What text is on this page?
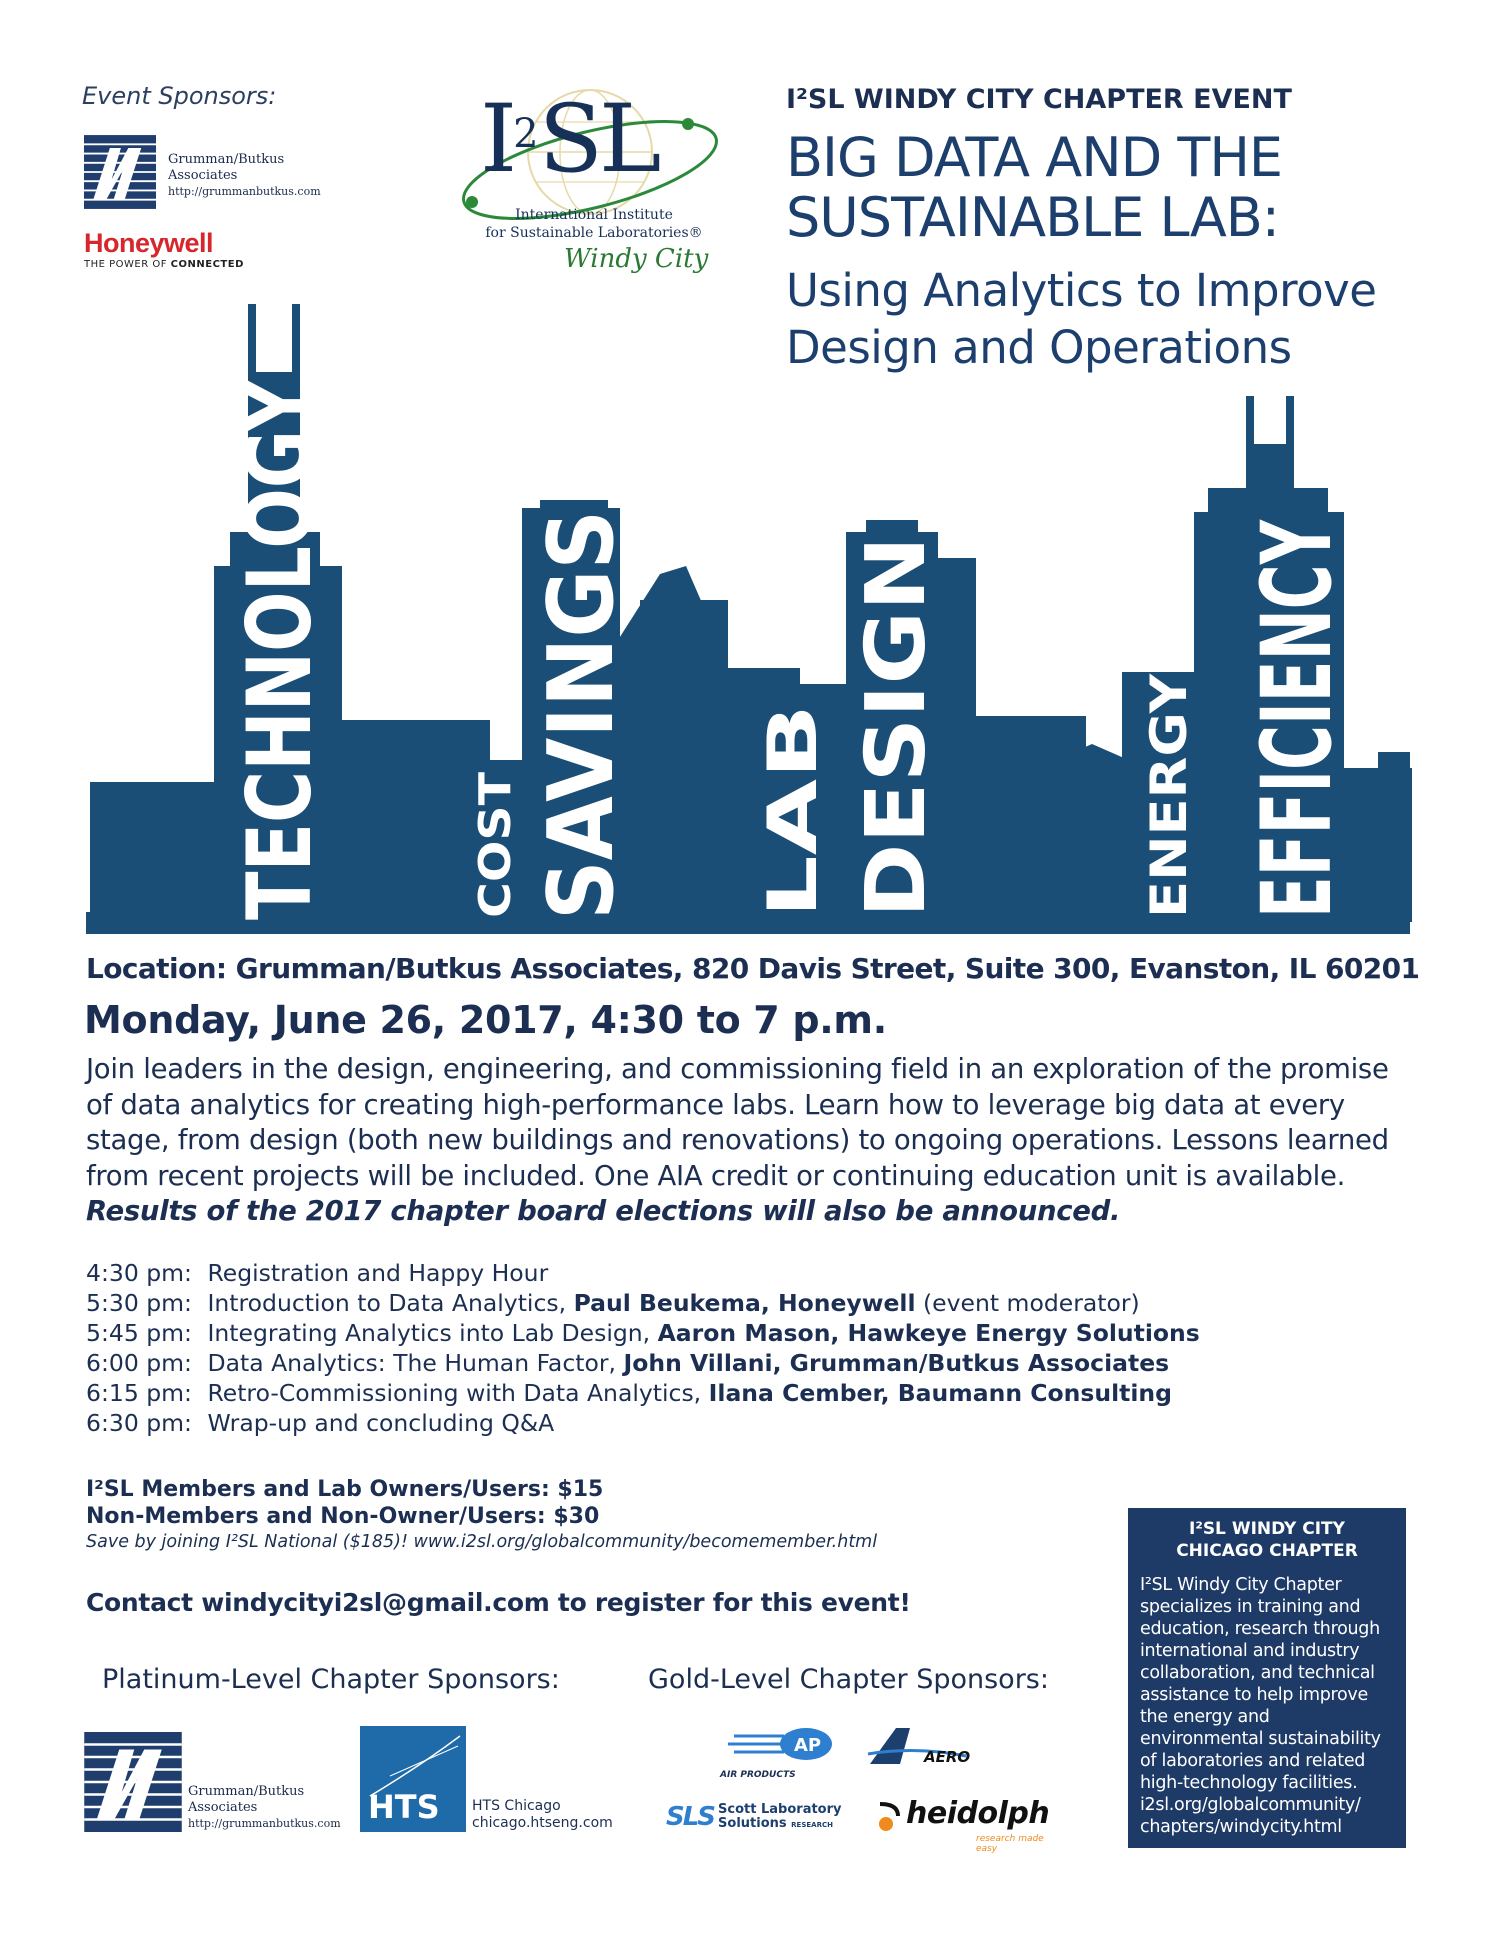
Event Sponsors:
Grumman/Butkus
Associates
http://grummanbutkus.com
Honeywell
THE POWER OF CONNECTED
$I^2SL$
International Institute
for Sustainable Laboratories®
Windy City
I²SL WINDY CITY CHAPTER EVENT
BIG DATA AND THE
SUSTAINABLE LAB:
Using Analytics to Improve
Design and Operations
TECHNOLOGY	COST SAVINGS LAB DESIGN	ENERGY EFFICIENCY
Location: Grumman/Butkus Associates, 820 Davis Street, Suite 300, Evanston, IL 60201
Monday, June 26, 2017, 4:30 to 7 p.m.
Join leaders in the design, engineering, and commissioning field in an exploration of the promise of data analytics for creating high-performance labs. Learn how to leverage big data at every stage, from design (both new buildings and renovations) to ongoing operations. Lessons learned from recent projects will be included. One AIA credit or continuing education unit is available. Results of the 2017 chapter board elections will also be announced.
4:30 pm: Registration and Happy Hour
5:30 pm: Introduction to Data Analytics, Paul Beukema, Honeywell (event moderator)
5:45 pm: Integrating Analytics into Lab Design, Aaron Mason, Hawkeye Energy Solutions
6:00 pm: Data Analytics: The Human Factor, John Villani, Grumman/Butkus Associates
6:15 pm: Retro-Commissioning with Data Analytics, Ilana Cember, Baumann Consulting
6:30 pm: Wrap-up and concluding Q&A
I²SL Members and Lab Owners/Users: $15
Non-Members and Non-Owner/Users: $30
Save by joining I²SL National ($185)! www.i2sl.org/globalcommunity/becomemember.html
Contact windycityi2sl@gmail.com to register for this event!
Platinum-Level Chapter Sponsors:	Gold-Level Chapter Sponsors:
Grumman/Butkus
Associates
http://grummanbutkus.com HTS HTS Chicago
chicago.htseng.com
AP
AIR PRODUCTS
AERO
SLS Scott Laboratory
Solutions RESEARCH heidolph
research made easy
I²SL WINDY CITY
CHICAGO CHAPTER
I²SL Windy City Chapter specializes in training and education, research through international and industry collaboration, and technical assistance to help improve the energy and environmental sustainability of laboratories and related high-technology facilities. i2sl.org/globalcommunity/ chapters/windycity.html
